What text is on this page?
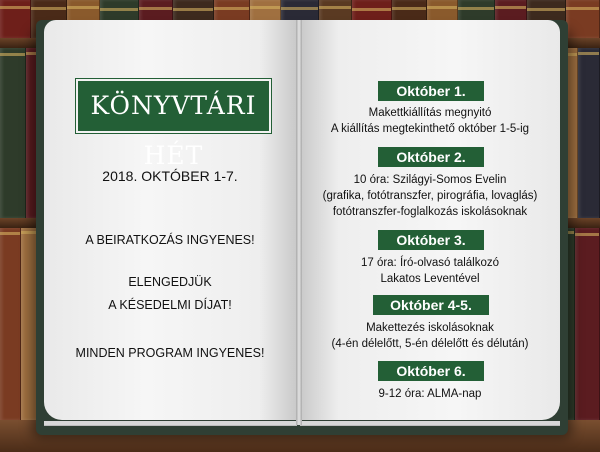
KÖNYVTÁRI HÉT
2018. OKTÓBER 1-7.
A BEIRATKOZÁS INGYENES!
ELENGEDJÜK
A KÉSEDELMI DÍJAT!
MINDEN PROGRAM INGYENES!
Október 1.
Makettkiállítás megnyitó
A kiállítás megtekinthető október 1-5-ig
Október 2.
10 óra: Szilágyi-Somos Evelin
(grafika, fotótranszfer, pirográfia, lovaglás)
fotótranszfer-foglalkozás iskolásoknak
Október 3.
17 óra: Író-olvasó találkozó
Lakatos Leventével
Október 4-5.
Makettezés iskolásoknak
(4-én délelőtt, 5-én délelőtt és délután)
Október 6.
9-12 óra: ALMA-nap
